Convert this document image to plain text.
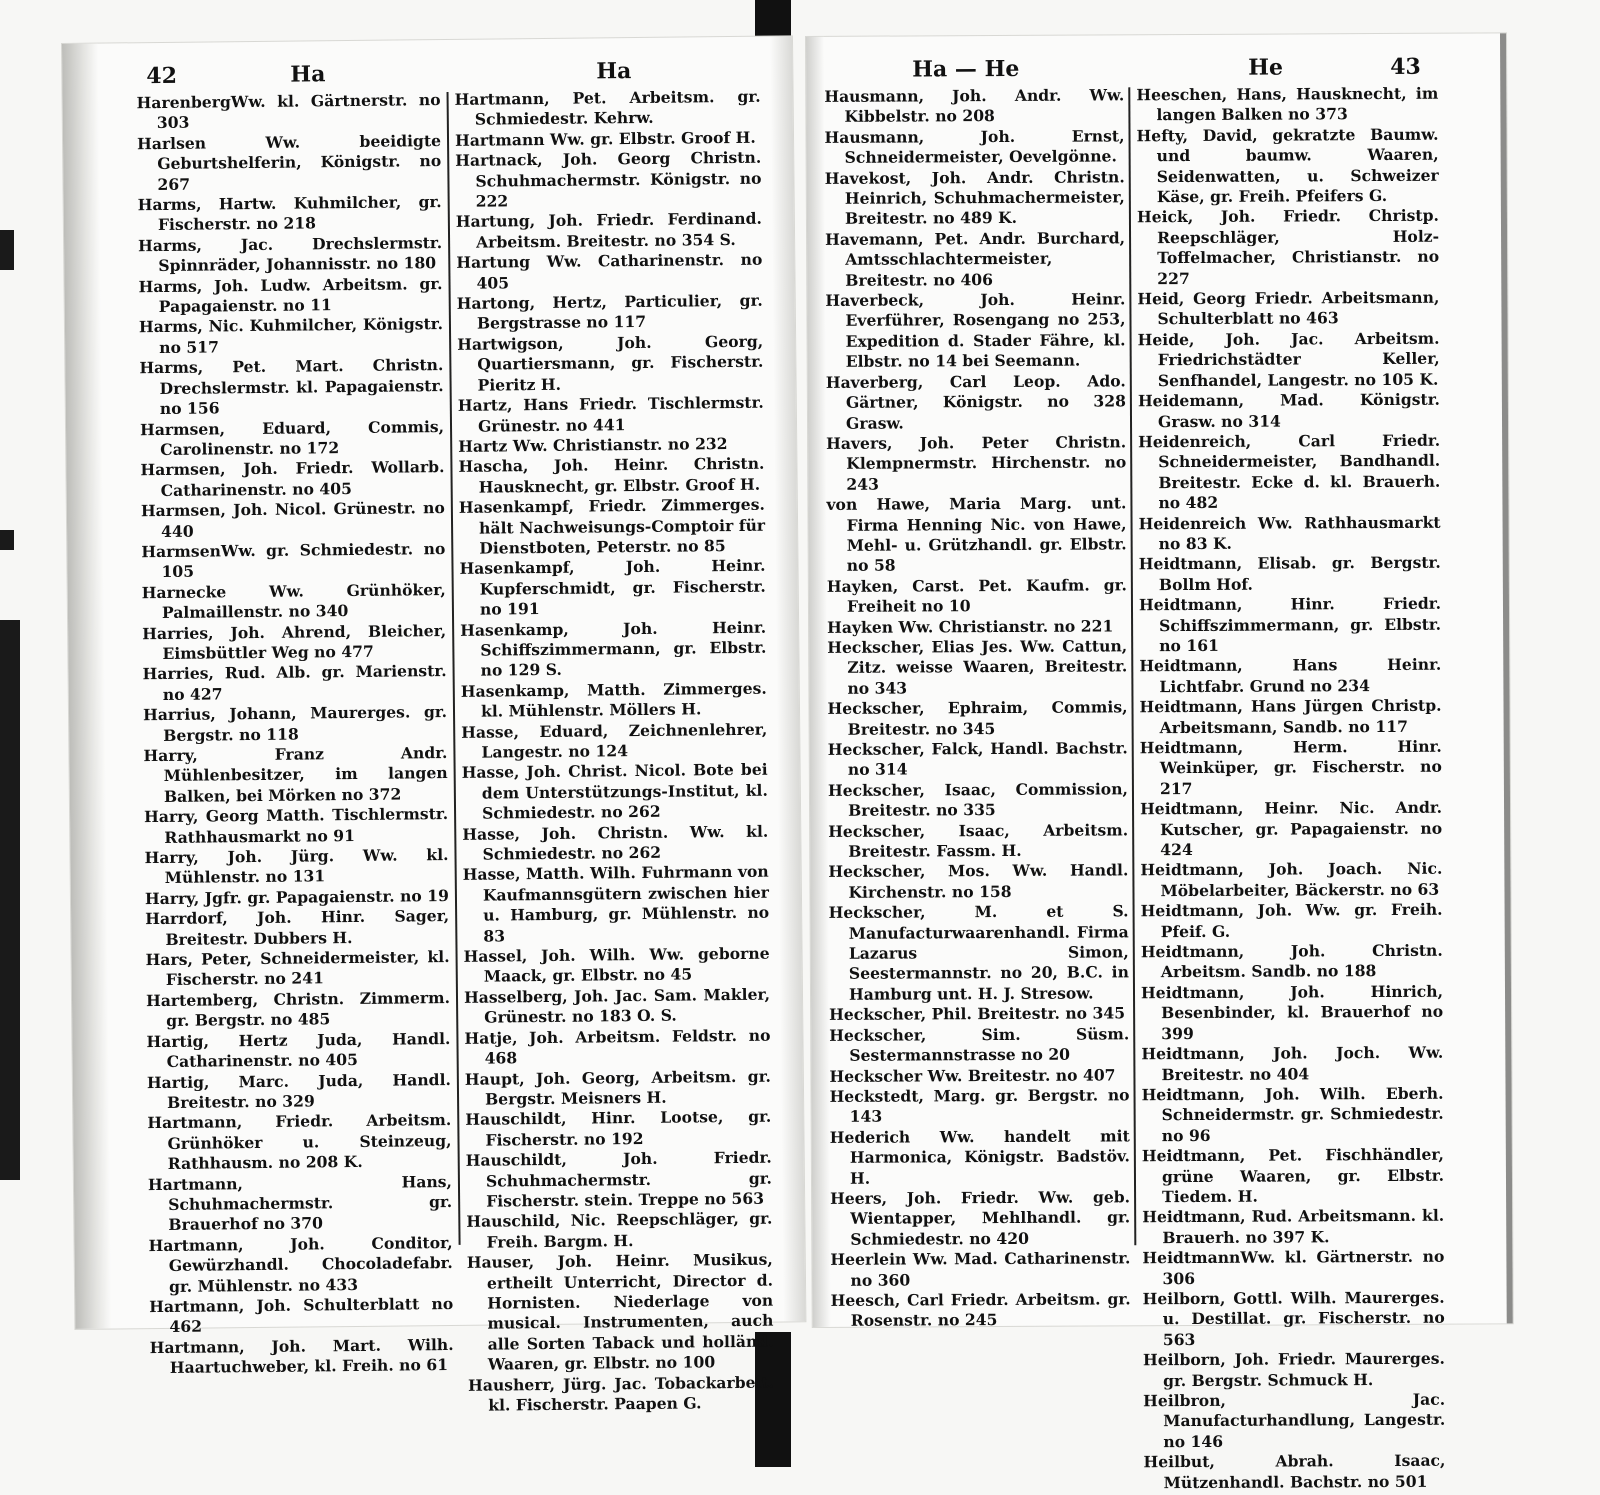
42	Ha	Ha

HarenbergWw. kl. Gärtnerstr. no 303

Harlsen Ww. beeidigte Geburtshelferin, Königstr. no 267

Harms, Hartw. Kuhmilcher, gr. Fischerstr. no 218

Harms, Jac. Drechslermstr. Spinnräder, Johannisstr. no 180

Harms, Joh. Ludw. Arbeitsm. gr. Papagaienstr. no 11

Harms, Nic. Kuhmilcher, Königstr. no 517

Harms, Pet. Mart. Christn. Drechslermstr. kl. Papagaienstr. no 156

Harmsen, Eduard, Commis, Carolinenstr. no 172

Harmsen, Joh. Friedr. Wollarb. Catharinenstr. no 405

Harmsen, Joh. Nicol. Grünestr. no 440

HarmsenWw. gr. Schmiedestr. no 105

Harnecke Ww. Grünhöker, Palmaillenstr. no 340

Harries, Joh. Ahrend, Bleicher, Eimsbüttler Weg no 477

Harries, Rud. Alb. gr. Marienstr. no 427

Harrius, Johann, Maurerges. gr. Bergstr. no 118

Harry, Franz Andr. Mühlenbesitzer, im langen Balken, bei Mörken no 372

Harry, Georg Matth. Tischlermstr. Rathhausmarkt no 91

Harry, Joh. Jürg. Ww. kl. Mühlenstr. no 131

Harry, Jgfr. gr. Papagaienstr. no 19

Harrdorf, Joh. Hinr. Sager, Breitestr. Dubbers H.

Hars, Peter, Schneidermeister, kl. Fischerstr. no 241

Hartemberg, Christn. Zimmerm. gr. Bergstr. no 485

Hartig, Hertz Juda, Handl. Catharinenstr. no 405

Hartig, Marc. Juda, Handl. Breitestr. no 329

Hartmann, Friedr. Arbeitsm. Grünhöker u. Steinzeug, Rathhausm. no 208 K.

Hartmann, Hans, Schuhmachermstr. gr. Brauerhof no 370

Hartmann, Joh. Conditor, Gewürzhandl. Chocoladefabr. gr. Mühlenstr. no 433

Hartmann, Joh. Schulterblatt no 462

Hartmann, Joh. Mart. Wilh. Haartuchweber, kl. Freih. no 61

Hartmann, Pet. Arbeitsm. gr. Schmiedestr. Kehrw.

Hartmann Ww. gr. Elbstr. Groof H.

Hartnack, Joh. Georg Christn. Schuhmachermstr. Königstr. no 222

Hartung, Joh. Friedr. Ferdinand. Arbeitsm. Breitestr. no 354 S.

Hartung Ww. Catharinenstr. no 405

Hartong, Hertz, Particulier, gr. Bergstrasse no 117

Hartwigson, Joh. Georg, Quartiersmann, gr. Fischerstr. Pieritz H.

Hartz, Hans Friedr. Tischlermstr. Grünestr. no 441

Hartz Ww. Christianstr. no 232

Hascha, Joh. Heinr. Christn. Hausknecht, gr. Elbstr. Groof H.

Hasenkampf, Friedr. Zimmerges. hält Nachweisungs-Comptoir für Dienstboten, Peterstr. no 85

Hasenkampf, Joh. Heinr. Kupferschmidt, gr. Fischerstr. no 191

Hasenkamp, Joh. Heinr. Schiffszimmermann, gr. Elbstr. no 129 S.

Hasenkamp, Matth. Zimmerges. kl. Mühlenstr. Möllers H.

Hasse, Eduard, Zeichnenlehrer, Langestr. no 124

Hasse, Joh. Christ. Nicol. Bote bei dem Unterstützungs-Institut, kl. Schmiedestr. no 262

Hasse, Joh. Christn. Ww. kl. Schmiedestr. no 262

Hasse, Matth. Wilh. Fuhrmann von Kaufmannsgütern zwischen hier u. Hamburg, gr. Mühlenstr. no 83

Hassel, Joh. Wilh. Ww. geborne Maack, gr. Elbstr. no 45

Hasselberg, Joh. Jac. Sam. Makler, Grünestr. no 183 O. S.

Hatje, Joh. Arbeitsm. Feldstr. no 468

Haupt, Joh. Georg, Arbeitsm. gr. Bergstr. Meisners H.

Hauschildt, Hinr. Lootse, gr. Fischerstr. no 192

Hauschildt, Joh. Friedr. Schuhmachermstr. gr. Fischerstr. stein. Treppe no 563

Hauschild, Nic. Reepschläger, gr. Freih. Bargm. H.

Hauser, Joh. Heinr. Musikus, ertheilt Unterricht, Director d. Hornisten. Niederlage von musical. Instrumenten, auch alle Sorten Taback und holländ. Waaren, gr. Elbstr. no 100

Hausherr, Jürg. Jac. Tobackarbeit. kl. Fischerstr. Paapen G.

Ha — He	He	43

Hausmann, Joh. Andr. Ww. Kibbelstr. no 208

Hausmann, Joh. Ernst, Schneidermeister, Oevelgönne.

Havekost, Joh. Andr. Christn. Heinrich, Schuhmachermeister, Breitestr. no 489 K.

Havemann, Pet. Andr. Burchard, Amtsschlachtermeister, Breitestr. no 406

Haverbeck, Joh. Heinr. Everführer, Rosengang no 253, Expedition d. Stader Fähre, kl. Elbstr. no 14 bei Seemann.

Haverberg, Carl Leop. Ado. Gärtner, Königstr. no 328 Grasw.

Havers, Joh. Peter Christn. Klempnermstr. Hirchenstr. no 243

von Hawe, Maria Marg. unt. Firma Henning Nic. von Hawe, Mehl- u. Grützhandl. gr. Elbstr. no 58

Hayken, Carst. Pet. Kaufm. gr. Freiheit no 10

Hayken Ww. Christianstr. no 221

Heckscher, Elias Jes. Ww. Cattun, Zitz. weisse Waaren, Breitestr. no 343

Heckscher, Ephraim, Commis, Breitestr. no 345

Heckscher, Falck, Handl. Bachstr. no 314

Heckscher, Isaac, Commission, Breitestr. no 335

Heckscher, Isaac, Arbeitsm. Breitestr. Fassm. H.

Heckscher, Mos. Ww. Handl. Kirchenstr. no 158

Heckscher, M. et S. Manufacturwaarenhandl. Firma Lazarus Simon, Seestermannstr. no 20, B.C. in Hamburg unt. H. J. Stresow.

Heckscher, Phil. Breitestr. no 345

Heckscher, Sim. Süsm. Sestermannstrasse no 20

Heckscher Ww. Breitestr. no 407

Heckstedt, Marg. gr. Bergstr. no 143

Hederich Ww. handelt mit Harmonica, Königstr. Badstöv. H.

Heers, Joh. Friedr. Ww. geb. Wientapper, Mehlhandl. gr. Schmiedestr. no 420

Heerlein Ww. Mad. Catharinenstr. no 360

Heesch, Carl Friedr. Arbeitsm. gr. Rosenstr. no 245

Heeschen, Hans, Hausknecht, im langen Balken no 373

Hefty, David, gekratzte Baumw. und baumw. Waaren, Seidenwatten, u. Schweizer Käse, gr. Freih. Pfeifers G.

Heick, Joh. Friedr. Christp. Reepschläger, Holz-Toffelmacher, Christianstr. no 227

Heid, Georg Friedr. Arbeitsmann, Schulterblatt no 463

Heide, Joh. Jac. Arbeitsm. Friedrichstädter Keller, Senfhandel, Langestr. no 105 K.

Heidemann, Mad. Königstr. Grasw. no 314

Heidenreich, Carl Friedr. Schneidermeister, Bandhandl. Breitestr. Ecke d. kl. Brauerh. no 482

Heidenreich Ww. Rathhausmarkt no 83 K.

Heidtmann, Elisab. gr. Bergstr. Bollm Hof.

Heidtmann, Hinr. Friedr. Schiffszimmermann, gr. Elbstr. no 161

Heidtmann, Hans Heinr. Lichtfabr. Grund no 234

Heidtmann, Hans Jürgen Christp. Arbeitsmann, Sandb. no 117

Heidtmann, Herm. Hinr. Weinküper, gr. Fischerstr. no 217

Heidtmann, Heinr. Nic. Andr. Kutscher, gr. Papagaienstr. no 424

Heidtmann, Joh. Joach. Nic. Möbelarbeiter, Bäckerstr. no 63

Heidtmann, Joh. Ww. gr. Freih. Pfeif. G.

Heidtmann, Joh. Christn. Arbeitsm. Sandb. no 188

Heidtmann, Joh. Hinrich, Besenbinder, kl. Brauerhof no 399

Heidtmann, Joh. Joch. Ww. Breitestr. no 404

Heidtmann, Joh. Wilh. Eberh. Schneidermstr. gr. Schmiedestr. no 96

Heidtmann, Pet. Fischhändler, grüne Waaren, gr. Elbstr. Tiedem. H.

Heidtmann, Rud. Arbeitsmann. kl. Brauerh. no 397 K.

HeidtmannWw. kl. Gärtnerstr. no 306

Heilborn, Gottl. Wilh. Maurerges. u. Destillat. gr. Fischerstr. no 563

Heilborn, Joh. Friedr. Maurerges. gr. Bergstr. Schmuck H.

Heilbron, Jac. Manufacturhandlung, Langestr. no 146

Heilbut, Abrah. Isaac, Mützenhandl. Bachstr. no 501
